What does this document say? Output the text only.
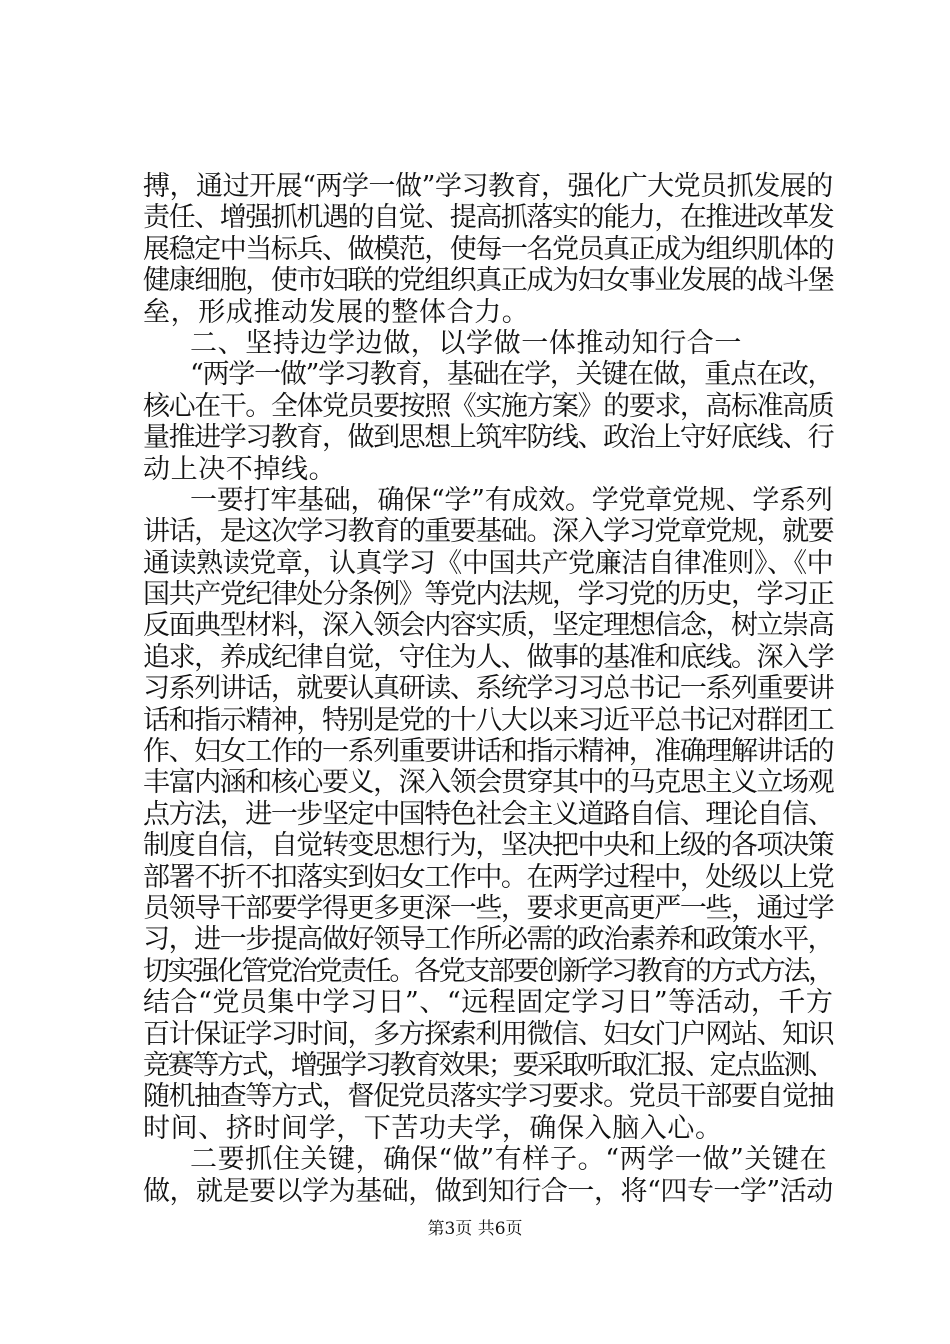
搏，通过开展“两学一做”学习教育，强化广大党员抓发展的
责任、增强抓机遇的自觉、提高抓落实的能力，在推进改革发
展稳定中当标兵、做模范，使每一名党员真正成为组织肌体的
健康细胞，使市妇联的党组织真正成为妇女事业发展的战斗堡
垒，形成推动发展的整体合力。
二、坚持边学边做，以学做一体推动知行合一
“两学一做”学习教育，基础在学，关键在做，重点在改，
核心在干。全体党员要按照《实施方案》的要求，高标准高质
量推进学习教育，做到思想上筑牢防线、政治上守好底线、行
动上决不掉线。
一要打牢基础，确保“学”有成效。学党章党规、学系列
讲话，是这次学习教育的重要基础。深入学习党章党规，就要
通读熟读党章，认真学习《中国共产党廉洁自律准则》、《中
国共产党纪律处分条例》等党内法规，学习党的历史，学习正
反面典型材料，深入领会内容实质，坚定理想信念，树立崇高
追求，养成纪律自觉，守住为人、做事的基准和底线。深入学
习系列讲话，就要认真研读、系统学习习总书记一系列重要讲
话和指示精神，特别是党的十八大以来习近平总书记对群团工
作、妇女工作的一系列重要讲话和指示精神，准确理解讲话的
丰富内涵和核心要义，深入领会贯穿其中的马克思主义立场观
点方法，进一步坚定中国特色社会主义道路自信、理论自信、
制度自信，自觉转变思想行为，坚决把中央和上级的各项决策
部署不折不扣落实到妇女工作中。在两学过程中，处级以上党
员领导干部要学得更多更深一些，要求更高更严一些，通过学
习，进一步提高做好领导工作所必需的政治素养和政策水平，
切实强化管党治党责任。各党支部要创新学习教育的方式方法，
结合“党员集中学习日”、“远程固定学习日”等活动，千方
百计保证学习时间，多方探索利用微信、妇女门户网站、知识
竞赛等方式，增强学习教育效果；要采取听取汇报、定点监测、
随机抽查等方式，督促党员落实学习要求。党员干部要自觉抽
时间、挤时间学，下苦功夫学，确保入脑入心。
二要抓住关键，确保“做”有样子。“两学一做”关键在
做，就是要以学为基础，做到知行合一，将“四专一学”活动
第3页 共6页
